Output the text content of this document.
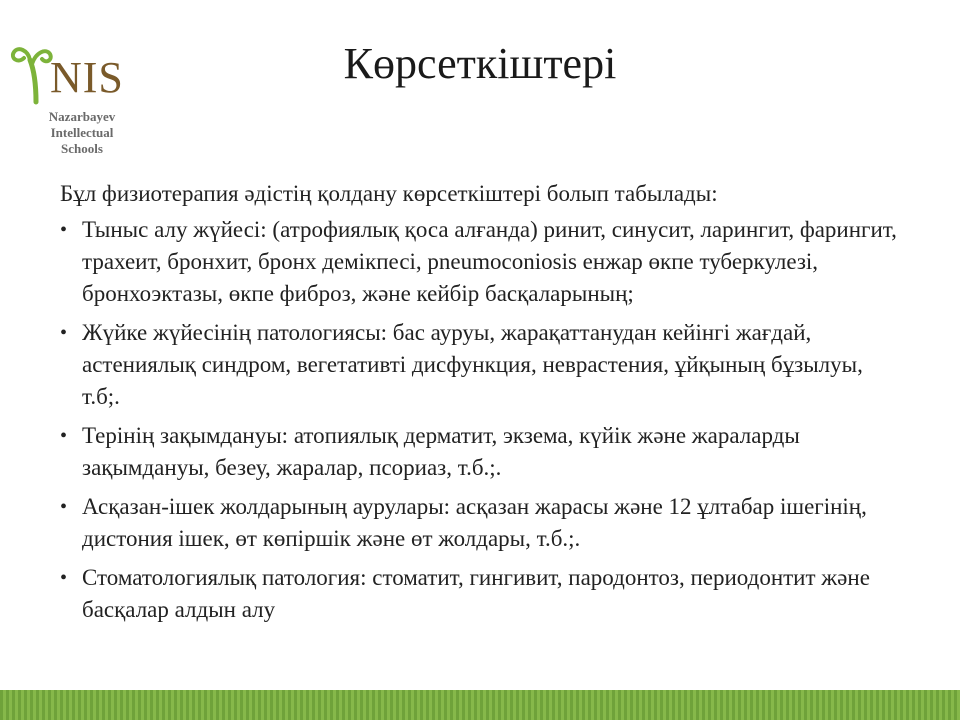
NIS
Nazarbayev
Intellectual
Schools
Көрсеткіштері

Бұл физиотерапия әдістің қолдану көрсеткіштері болып табылады:

• Тыныс алу жүйесі: (атрофиялық қоса алғанда) ринит, синусит, ларингит, фарингит, трахеит, бронхит, бронх демікпесі, pneumoconiosis енжар өкпе туберкулезі, бронхоэктазы, өкпе фиброз, және кейбір басқаларының;
• Жүйке жүйесінің патологиясы: бас ауруы, жарақаттанудан кейінгі жағдай, астениялық синдром, вегетативті дисфункция, неврастения, ұйқының бұзылуы, т.б;.
• Терінің зақымдануы: атопиялық дерматит, экзема, күйік және жараларды зақымдануы, безеу, жаралар, псориаз, т.б.;.
• Асқазан-ішек жолдарының аурулары: асқазан жарасы және 12 ұлтабар ішегінің, дистония ішек, өт көпіршік және өт жолдары, т.б.;.
• Стоматологиялық патология: стоматит, гингивит, пародонтоз, периодонтит және басқалар алдын алу
